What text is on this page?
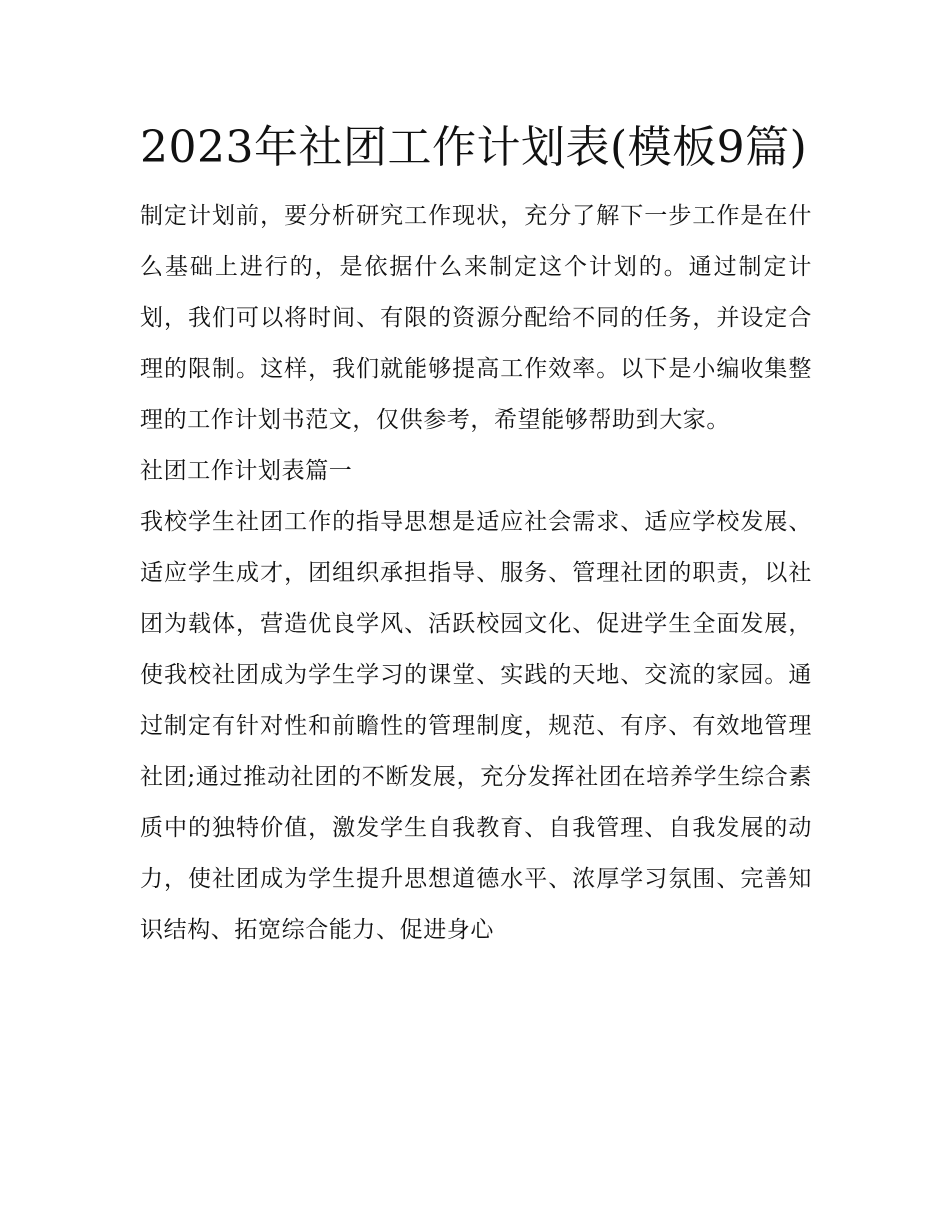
2023年社团工作计划表(模板9篇)

制定计划前，要分析研究工作现状，充分了解下一步工作是在什么基础上进行的，是依据什么来制定这个计划的。通过制定计划，我们可以将时间、有限的资源分配给不同的任务，并设定合理的限制。这样，我们就能够提高工作效率。以下是小编收集整理的工作计划书范文，仅供参考，希望能够帮助到大家。

社团工作计划表篇一

我校学生社团工作的指导思想是适应社会需求、适应学校发展、适应学生成才，团组织承担指导、服务、管理社团的职责，以社团为载体，营造优良学风、活跃校园文化、促进学生全面发展，使我校社团成为学生学习的课堂、实践的天地、交流的家园。通过制定有针对性和前瞻性的管理制度，规范、有序、有效地管理社团;通过推动社团的不断发展，充分发挥社团在培养学生综合素质中的独特价值，激发学生自我教育、自我管理、自我发展的动力，使社团成为学生提升思想道德水平、浓厚学习氛围、完善知识结构、拓宽综合能力、促进身心
